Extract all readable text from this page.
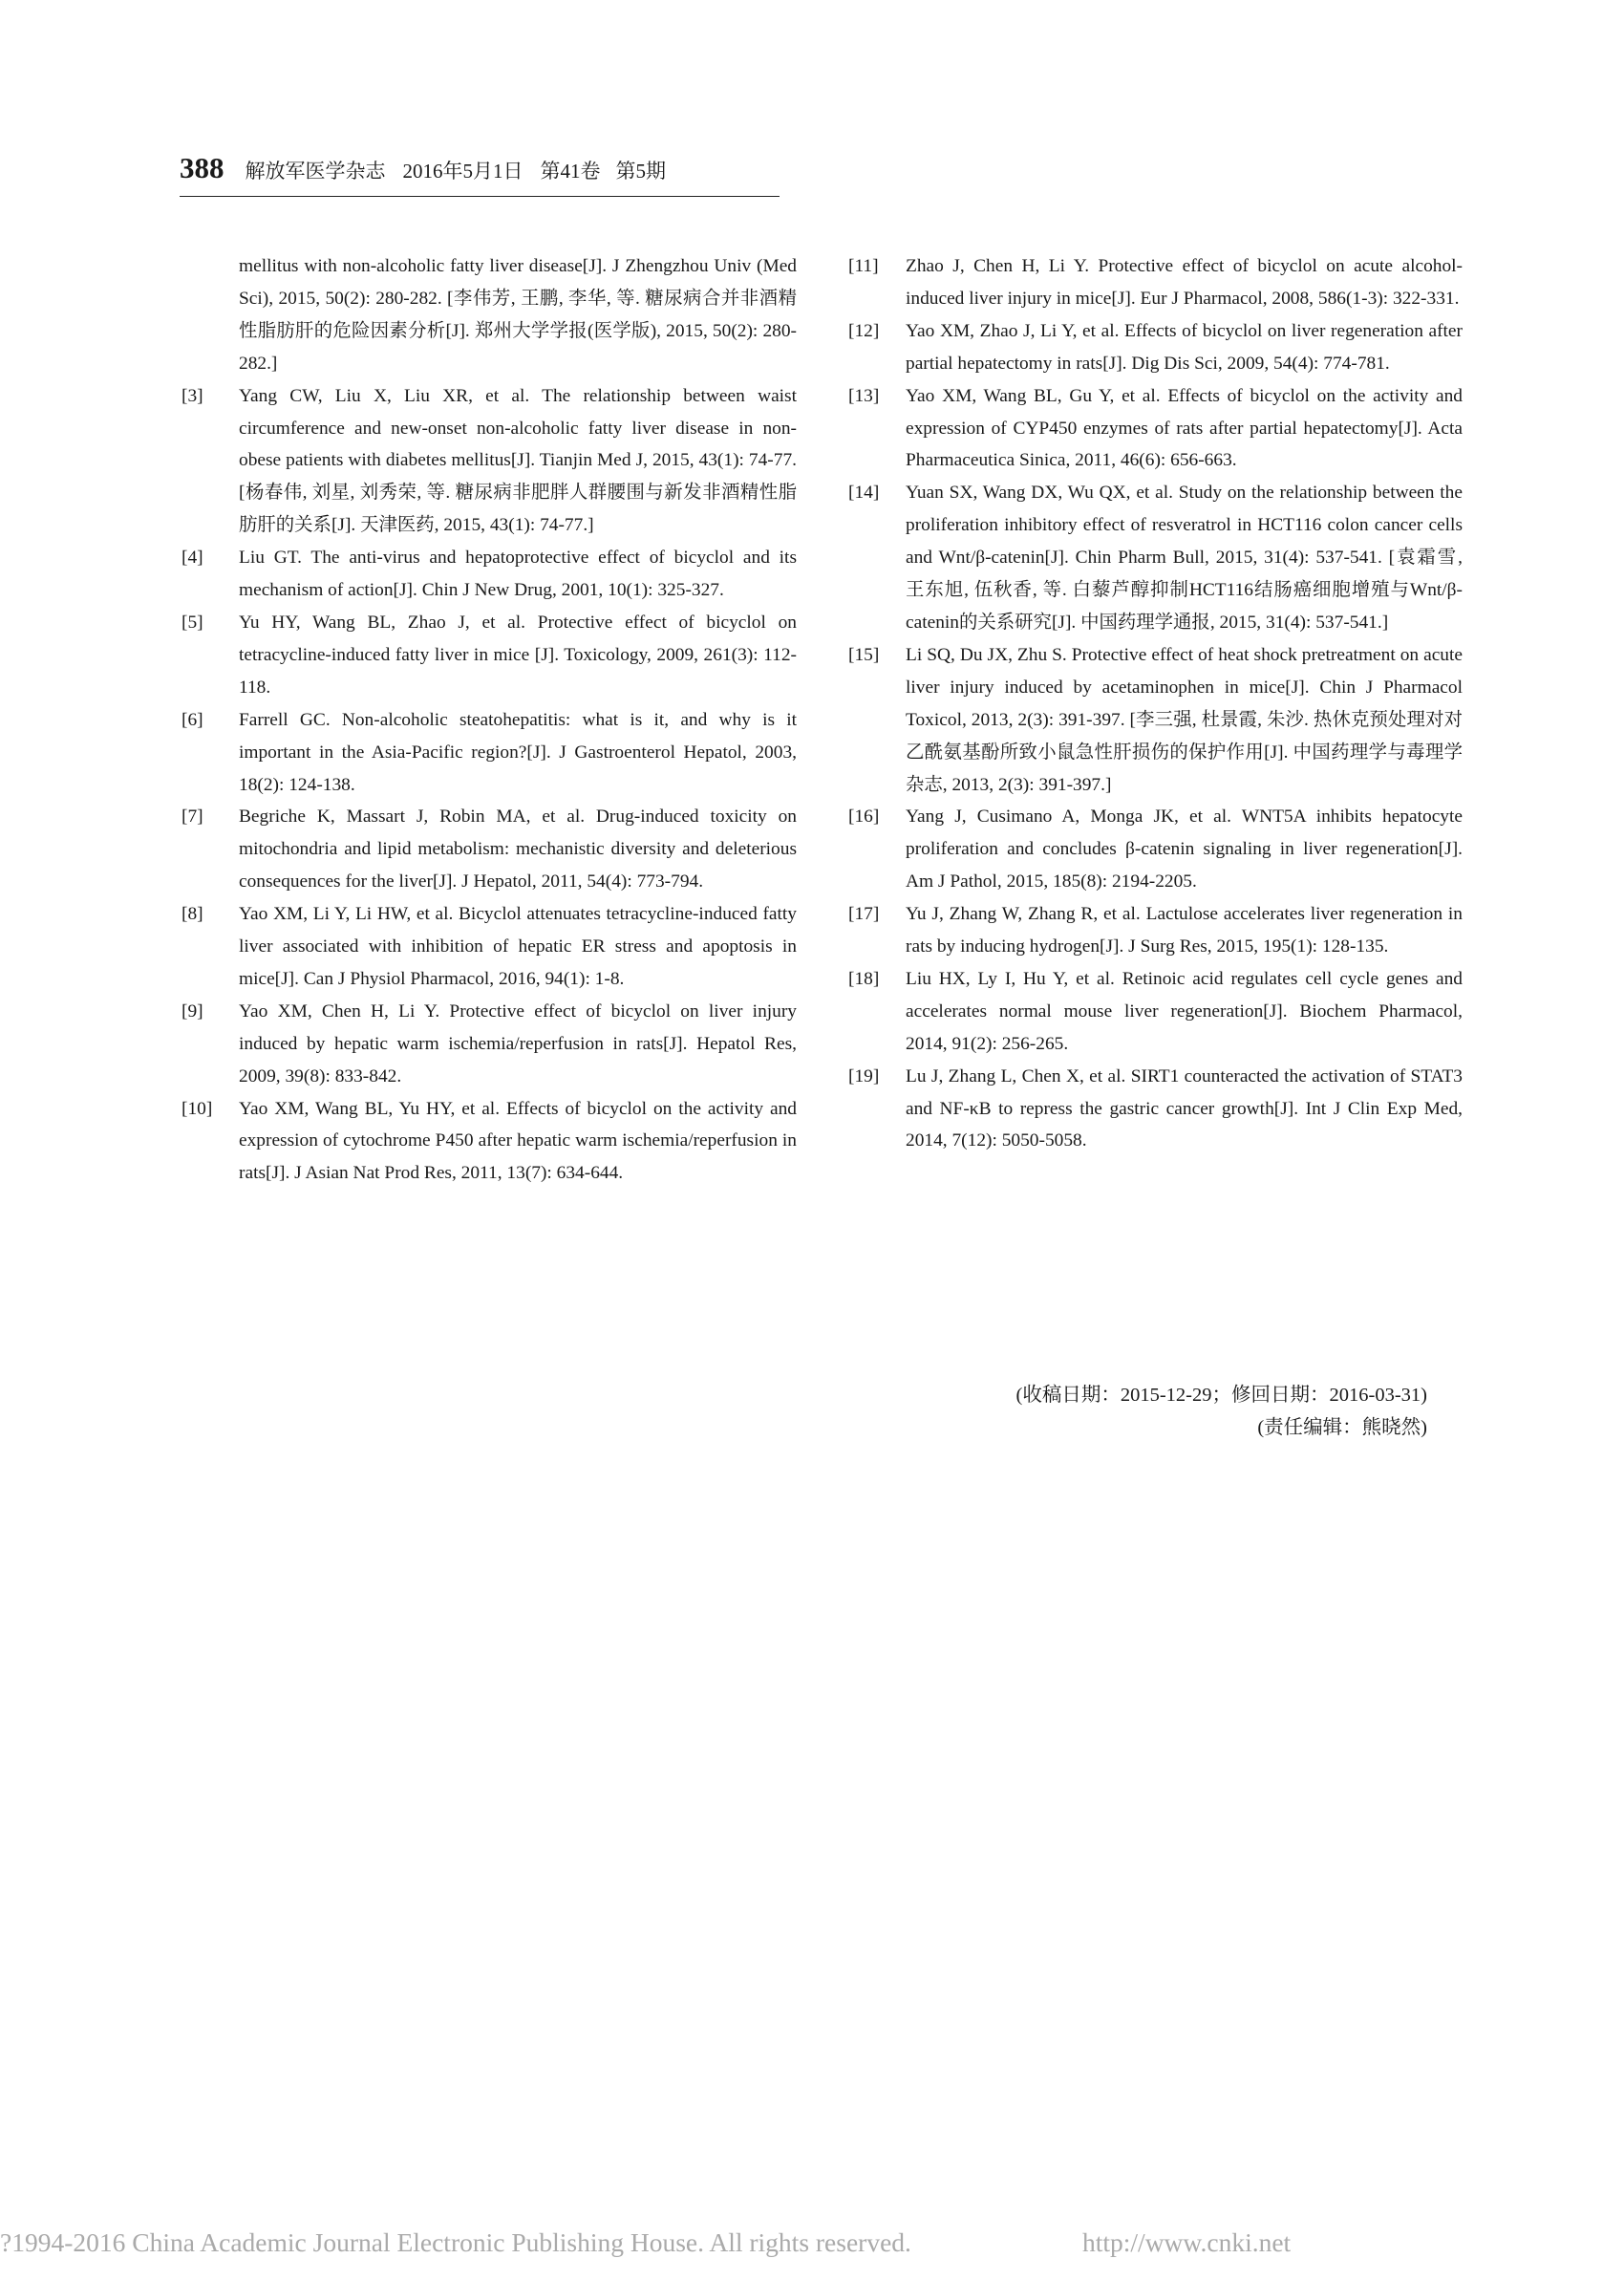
388 解放军医学杂志 2016年5月1日 第41卷 第5期
mellitus with non-alcoholic fatty liver disease[J]. J Zhengzhou Univ (Med Sci), 2015, 50(2): 280-282. [李伟芳, 王鹏, 李华, 等. 糖尿病合并非酒精性脂肪肝的危险因素分析[J]. 郑州大学学报(医学版), 2015, 50(2): 280-282.]
[3] Yang CW, Liu X, Liu XR, et al. The relationship between waist circumference and new-onset non-alcoholic fatty liver disease in non-obese patients with diabetes mellitus[J]. Tianjin Med J, 2015, 43(1): 74-77. [杨春伟, 刘星, 刘秀荣, 等. 糖尿病非肥胖人群腰围与新发非酒精性脂肪肝的关系[J]. 天津医药, 2015, 43(1): 74-77.]
[4] Liu GT. The anti-virus and hepatoprotective effect of bicyclol and its mechanism of action[J]. Chin J New Drug, 2001, 10(1): 325-327.
[5] Yu HY, Wang BL, Zhao J, et al. Protective effect of bicyclol on tetracycline-induced fatty liver in mice [J]. Toxicology, 2009, 261(3): 112-118.
[6] Farrell GC. Non-alcoholic steatohepatitis: what is it, and why is it important in the Asia-Pacific region?[J]. J Gastroenterol Hepatol, 2003, 18(2): 124-138.
[7] Begriche K, Massart J, Robin MA, et al. Drug-induced toxicity on mitochondria and lipid metabolism: mechanistic diversity and deleterious consequences for the liver[J]. J Hepatol, 2011, 54(4): 773-794.
[8] Yao XM, Li Y, Li HW, et al. Bicyclol attenuates tetracycline-induced fatty liver associated with inhibition of hepatic ER stress and apoptosis in mice[J]. Can J Physiol Pharmacol, 2016, 94(1): 1-8.
[9] Yao XM, Chen H, Li Y. Protective effect of bicyclol on liver injury induced by hepatic warm ischemia/reperfusion in rats[J]. Hepatol Res, 2009, 39(8): 833-842.
[10] Yao XM, Wang BL, Yu HY, et al. Effects of bicyclol on the activity and expression of cytochrome P450 after hepatic warm ischemia/reperfusion in rats[J]. J Asian Nat Prod Res, 2011, 13(7): 634-644.
[11] Zhao J, Chen H, Li Y. Protective effect of bicyclol on acute alcohol-induced liver injury in mice[J]. Eur J Pharmacol, 2008, 586(1-3): 322-331.
[12] Yao XM, Zhao J, Li Y, et al. Effects of bicyclol on liver regeneration after partial hepatectomy in rats[J]. Dig Dis Sci, 2009, 54(4): 774-781.
[13] Yao XM, Wang BL, Gu Y, et al. Effects of bicyclol on the activity and expression of CYP450 enzymes of rats after partial hepatectomy[J]. Acta Pharmaceutica Sinica, 2011, 46(6): 656-663.
[14] Yuan SX, Wang DX, Wu QX, et al. Study on the relationship between the proliferation inhibitory effect of resveratrol in HCT116 colon cancer cells and Wnt/β-catenin[J]. Chin Pharm Bull, 2015, 31(4): 537-541. [袁霜雪, 王东旭, 伍秋香, 等. 白藜芦醇抑制HCT116结肠癌细胞增殖与Wnt/β-catenin的关系研究[J]. 中国药理学通报, 2015, 31(4): 537-541.]
[15] Li SQ, Du JX, Zhu S. Protective effect of heat shock pretreatment on acute liver injury induced by acetaminophen in mice[J]. Chin J Pharmacol Toxicol, 2013, 2(3): 391-397. [李三强, 杜景霞, 朱沙. 热休克预处理对对乙酰氨基酚所致小鼠急性肝损伤的保护作用[J]. 中国药理学与毒理学杂志, 2013, 2(3): 391-397.]
[16] Yang J, Cusimano A, Monga JK, et al. WNT5A inhibits hepatocyte proliferation and concludes β-catenin signaling in liver regeneration[J]. Am J Pathol, 2015, 185(8): 2194-2205.
[17] Yu J, Zhang W, Zhang R, et al. Lactulose accelerates liver regeneration in rats by inducing hydrogen[J]. J Surg Res, 2015, 195(1): 128-135.
[18] Liu HX, Ly I, Hu Y, et al. Retinoic acid regulates cell cycle genes and accelerates normal mouse liver regeneration[J]. Biochem Pharmacol, 2014, 91(2): 256-265.
[19] Lu J, Zhang L, Chen X, et al. SIRT1 counteracted the activation of STAT3 and NF-κB to repress the gastric cancer growth[J]. Int J Clin Exp Med, 2014, 7(12): 5050-5058.
(收稿日期：2015-12-29；修回日期：2016-03-31)
(责任编辑：熊晓然)
?1994-2016 China Academic Journal Electronic Publishing House. All rights reserved.	http://www.cnki.net
